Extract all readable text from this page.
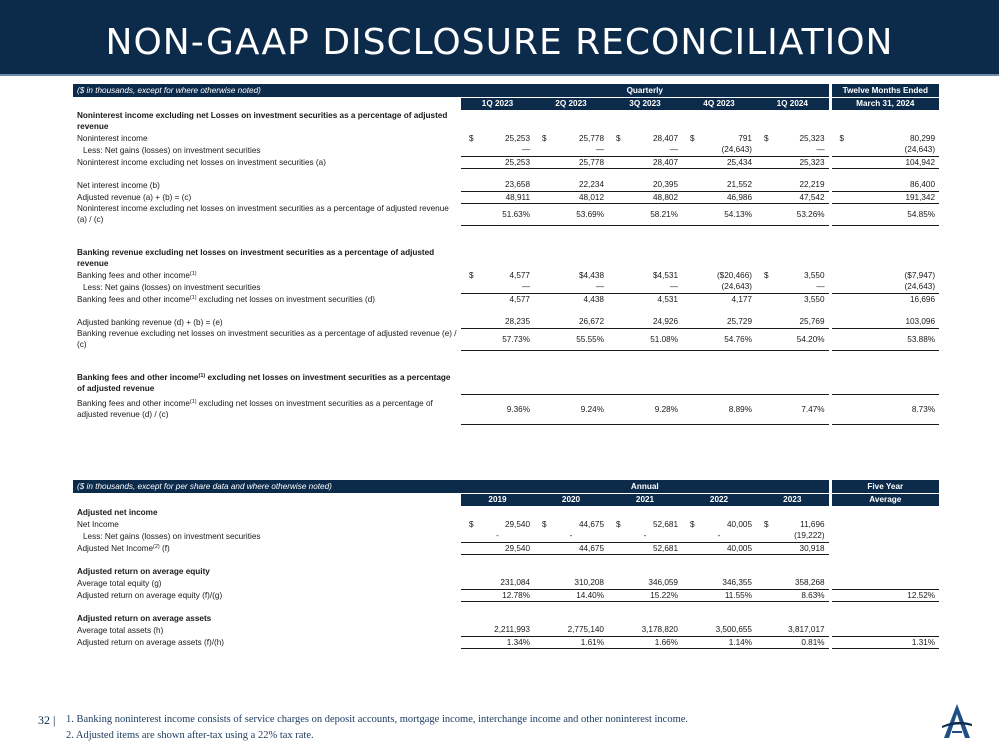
NON-GAAP DISCLOSURE RECONCILIATION
($ in thousands, except for where otherwise noted)	Quarterly					Twelve Months Ended
	1Q 2023	2Q 2023	3Q 2023	4Q 2023	1Q 2024	March 31, 2024
Noninterest income excluding net Losses on investment securities as a percentage of adjusted revenue						
Noninterest income	$ 25,253	$ 25,778	$ 28,407	$ 791	$ 25,323	$ 80,299
Less: Net gains (losses) on investment securities	—	—	—	(24,643)	—	(24,643)
Noninterest income excluding net losses on investment securities (a)	25,253	25,778	28,407	25,434	25,323	104,942

Net interest income (b)	23,658	22,234	20,395	21,552	22,219	86,400
Adjusted revenue (a) + (b) = (c)	48,911	48,012	48,802	46,986	47,542	191,342
Noninterest income excluding net losses on investment securities as a percentage of adjusted revenue (a) / (c)	51.63%	53.69%	58.21%	54.13%	53.26%	54.85%

Banking revenue excluding net losses on investment securities as a percentage of adjusted revenue						
Banking fees and other income$^{(1)}$	$ 4,577	$4,438	$4,531	($20,466)	$ 3,550	($7,947)
Less: Net gains (losses) on investment securities	—	—	—	(24,643)	—	(24,643)
Banking fees and other income$^{(1)}$ excluding net losses on investment securities (d)	4,577	4,438	4,531	4,177	3,550	16,696

Adjusted banking revenue (d) + (b) = (e)	28,235	26,672	24,926	25,729	25,769	103,096
Banking revenue excluding net losses on investment securities as a percentage of adjusted revenue (e) / (c)	57.73%	55.55%	51.08%	54.76%	54.20%	53.88%

Banking fees and other income$^{(1)}$ excluding net losses on investment securities as a percentage of adjusted revenue						
Banking fees and other income$^{(1)}$ excluding net losses on investment securities as a percentage of adjusted revenue (d) / (c)	9.36%	9.24%	9.28%	8.89%	7.47%	8.73%
($ in thousands, except for per share data and where otherwise noted)	Annual					Five Year
	2019	2020	2021	2022	2023	Average
Adjusted net income						
Net Income	$ 29,540	$ 44,675	$ 52,681	$ 40,005	$ 11,696	
Less: Net gains (losses) on investment securities	-	-	-	-	(19,222)	
Adjusted Net Income$^{(2)}$ (f)	29,540	44,675	52,681	40,005	30,918	

Adjusted return on average equity						
Average total equity (g)	231,084	310,208	346,059	346,355	358,268	
Adjusted return on average equity (f)/(g)	12.78%	14.40%	15.22%	11.55%	8.63%	12.52%

Adjusted return on average assets						
Average total assets (h)	2,211,993	2,775,140	3,178,820	3,500,655	3,817,017	
Adjusted return on average assets (f)/(h)	1.34%	1.61%	1.66%	1.14%	0.81%	1.31%
32 | 1. Banking noninterest income consists of service charges on deposit accounts, mortgage income, interchange income and other noninterest income.
2. Adjusted items are shown after-tax using a 22% tax rate.
